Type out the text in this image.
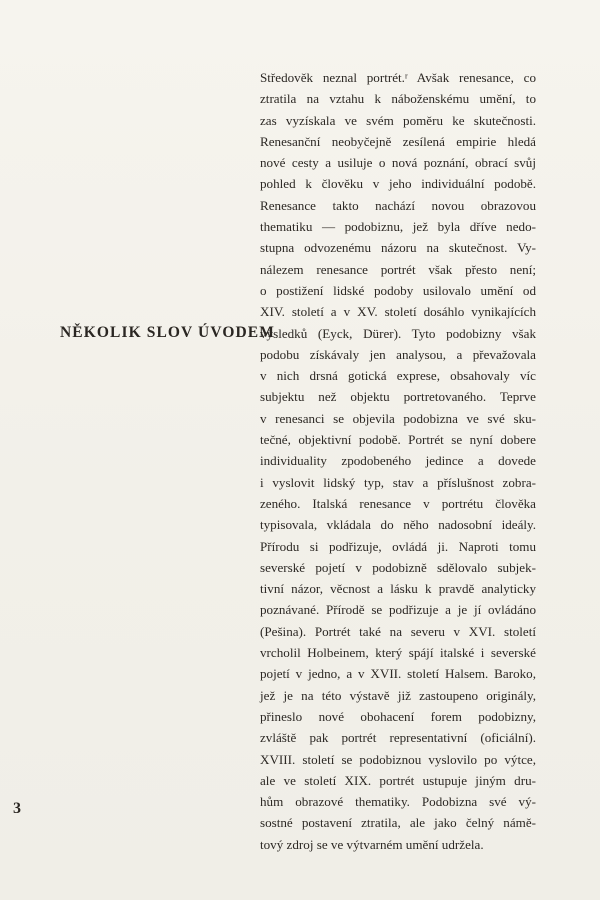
NĚKOLIK SLOV ÚVODEM
Středověk neznal portrét.ʳ Avšak renesance, co
ztratila na vztahu k náboženskému umění, to
zas vyzískala ve svém poměru ke skutečnosti.
Renesanční neobyčejně zesílená empirie hledá
nové cesty a usiluje o nová poznání, obrací svůj
pohled k člověku v jeho individuální podobě.
Renesance takto nachází novou obrazovou
thematiku — podobiznu, jež byla dříve nedo-
stupna odvozenému názoru na skutečnost. Vy-
nálezem renesance portrét však přesto není;
o postižení lidské podoby usilovalo umění od
XIV. století a v XV. století dosáhlo vynikajících
výsledků (Eyck, Dürer). Tyto podobizny však
podobu získávaly jen analysou, a převažovala
v nich drsná gotická exprese, obsahovaly víc
subjektu než objektu portretovaného. Teprve
v renesanci se objevila podobizna ve své sku-
tečné, objektivní podobě. Portrét se nyní dobere
individuality zpodobeného jedince a dovede
i vyslovit lidský typ, stav a příslušnost zobra-
zeného. Italská renesance v portrétu člověka
typisovala, vkládala do něho nadosobní ideály.
Přírodu si podřizuje, ovládá ji. Naproti tomu
severské pojetí v podobizně sdělovalo subjek-
tivní názor, věcnost a lásku k pravdě analyticky
poznávané. Přírodě se podřizuje a je jí ovládáno
(Pešina). Portrét také na severu v XVI. století
vrcholil Holbeinem, který spájí italské i severské
pojetí v jedno, a v XVII. století Halsem. Baroko,
jež je na této výstavě již zastoupeno originály,
přineslo nové obohacení forem podobizny,
zvláště pak portrét representativní (oficiální).
XVIII. století se podobiznou vyslovilo po výtce,
ale ve století XIX. portrét ustupuje jiným dru-
hům obrazové thematiky. Podobizna své vý-
sostné postavení ztratila, ale jako čelný námě-
tový zdroj se ve výtvarném umění udržela.
3
